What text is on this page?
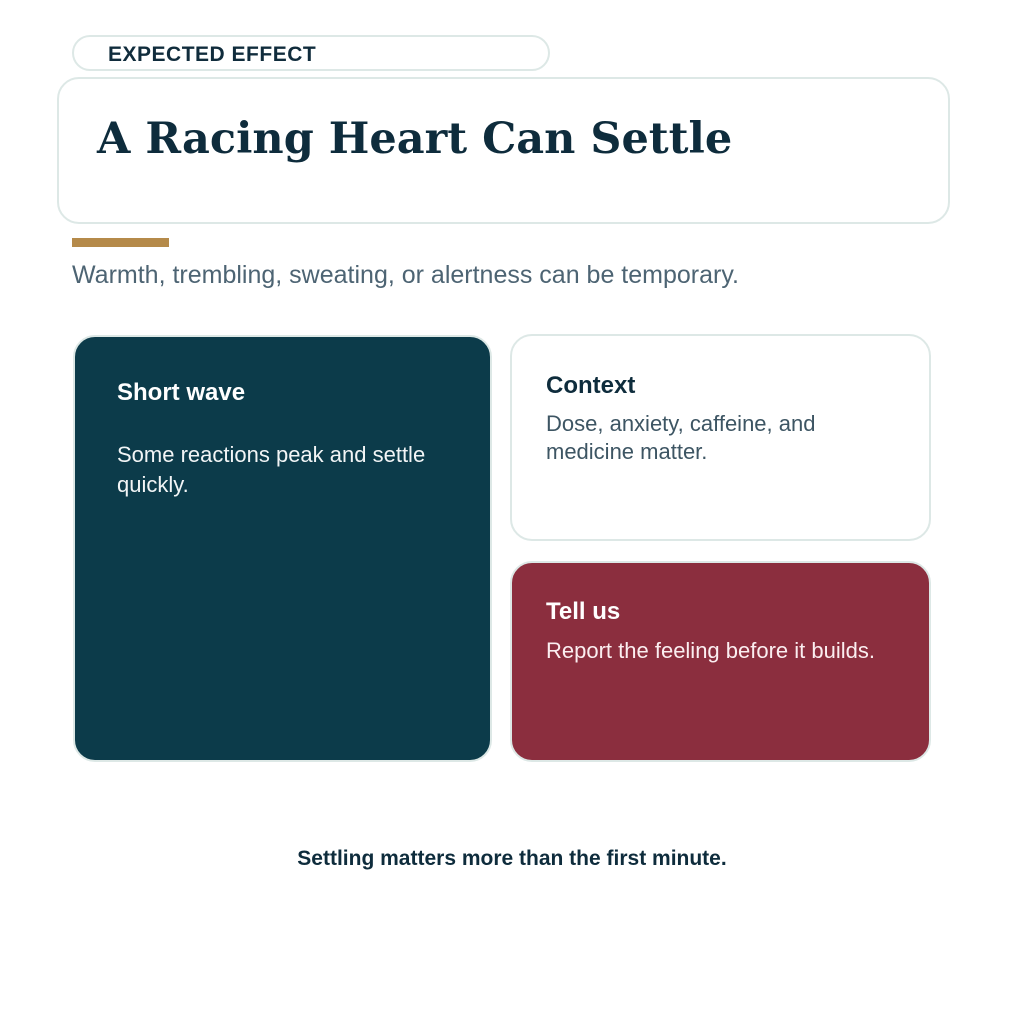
EXPECTED EFFECT
A Racing Heart Can Settle
Warmth, trembling, sweating, or alertness can be temporary.
Short wave
Some reactions peak and settle quickly.
Context
Dose, anxiety, caffeine, and medicine matter.
Tell us
Report the feeling before it builds.
Settling matters more than the first minute.
